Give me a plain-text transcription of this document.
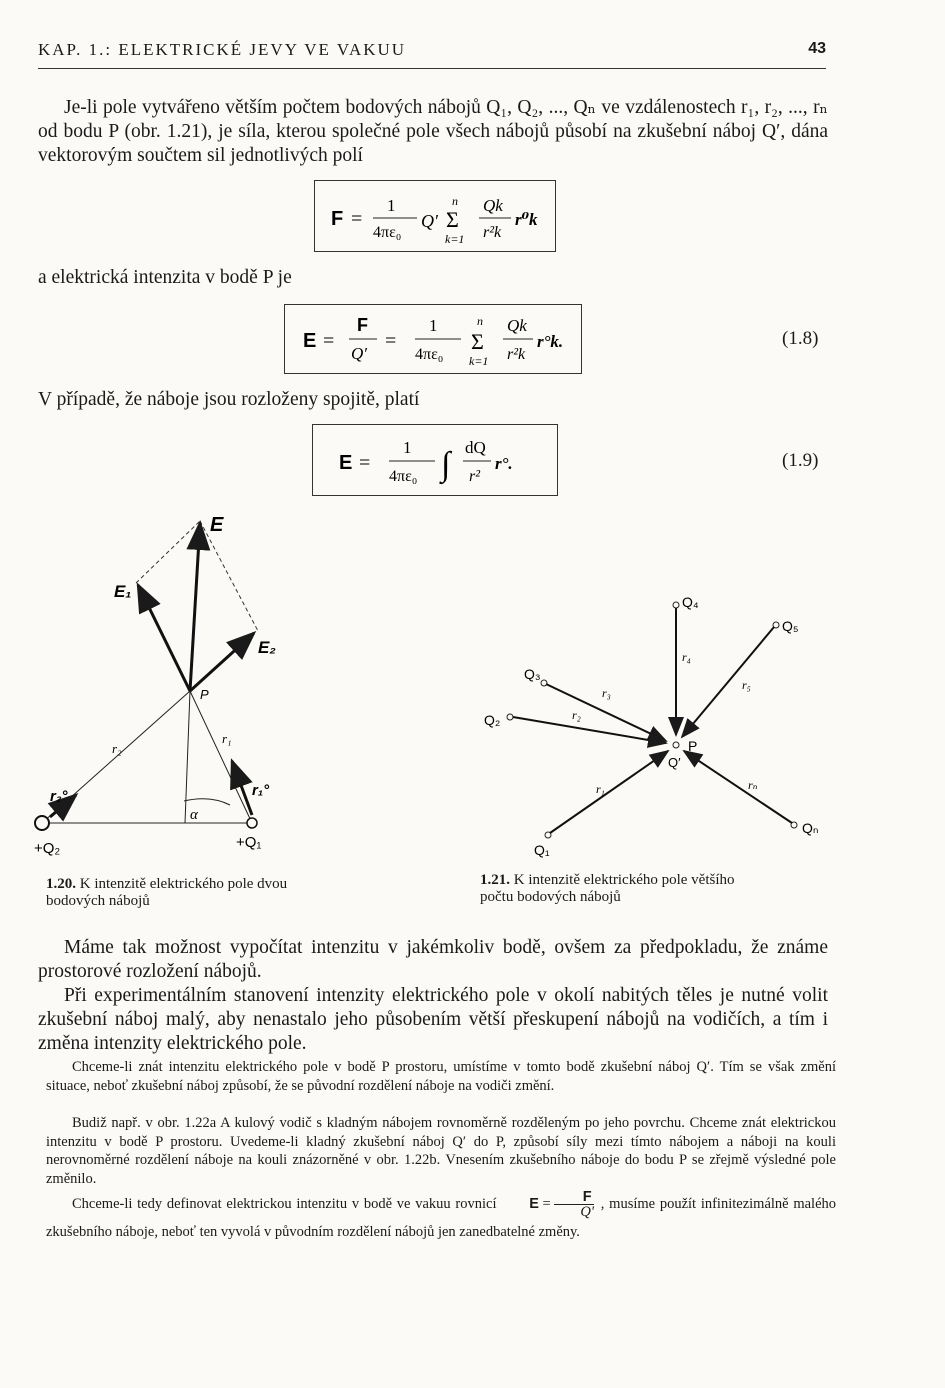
KAP. 1.: ELEKTRICKÉ JEVY VE VAKUU	43
Je-li pole vytvářeno větším počtem bodových nábojů Q₁, Q₂, ..., Qₙ ve vzdálenostech r₁, r₂, ..., rₙ od bodu P (obr. 1.21), je síla, kterou společné pole všech nábojů působí na zkušební náboj Q′, dána vektorovým součtem sil jednotlivých polí
F =
1
4πε₀
Q′
n
Σ
k=1
Qk
r²k
r⁰k
a elektrická intenzita v bodě P je
E =
F
Q′
=
1
4πε₀
n
Σ
k=1
Qk
r²k
r°k.	(1.8)
V případě, že náboje jsou rozloženy spojitě, platí
E =
1
4πε₀ ∫ dQ
r²
r°.	(1.9)
E
E₁
E₂
P
r₁
r₂
r₁°
r₂°
α
+Q₂	+Q₁
1.20. K intenzitě elektrického pole dvou bodových nábojů
Q₄
Q₅
Q₃
Q₂
Q₁
Qₙ
r₄
r₅
r₃
r₂
r₁	rₙ
P
Q′
1.21. K intenzitě elektrického pole většího počtu bodových nábojů
Máme tak možnost vypočítat intenzitu v jakémkoliv bodě, ovšem za předpokladu, že známe prostorové rozložení nábojů.
Při experimentálním stanovení intenzity elektrického pole v okolí nabitých těles je nutné volit zkušební náboj malý, aby nenastalo jeho působením větší přeskupení nábojů na vodičích, a tím i změna intenzity elektrického pole.
Chceme-li znát intenzitu elektrického pole v bodě P prostoru, umístíme v tomto bodě zkušební náboj Q′. Tím se však změní situace, neboť zkušební náboj způsobí, že se původní rozdělení náboje na vodiči změní.
Budiž např. v obr. 1.22a A kulový vodič s kladným nábojem rovnoměrně rozděleným po jeho povrchu. Chceme znát elektrickou intenzitu v bodě P prostoru. Uvedeme-li kladný zkušební náboj Q′ do P, způsobí síly mezi tímto nábojem a náboji na kouli nerovnoměrné rozdělení náboje na kouli znázorněné v obr. 1.22b. Vnesením zkušebního náboje do bodu P se zřejmě výsledné pole změnilo.
Chceme-li tedy definovat elektrickou intenzitu v bodě ve vakuu rovnicí $E = \frac{F}{Q'}$ , musíme použít infinitezimálně malého zkušebního náboje, neboť ten vyvolá v původním rozdělení nábojů jen zanedbatelné změny.
